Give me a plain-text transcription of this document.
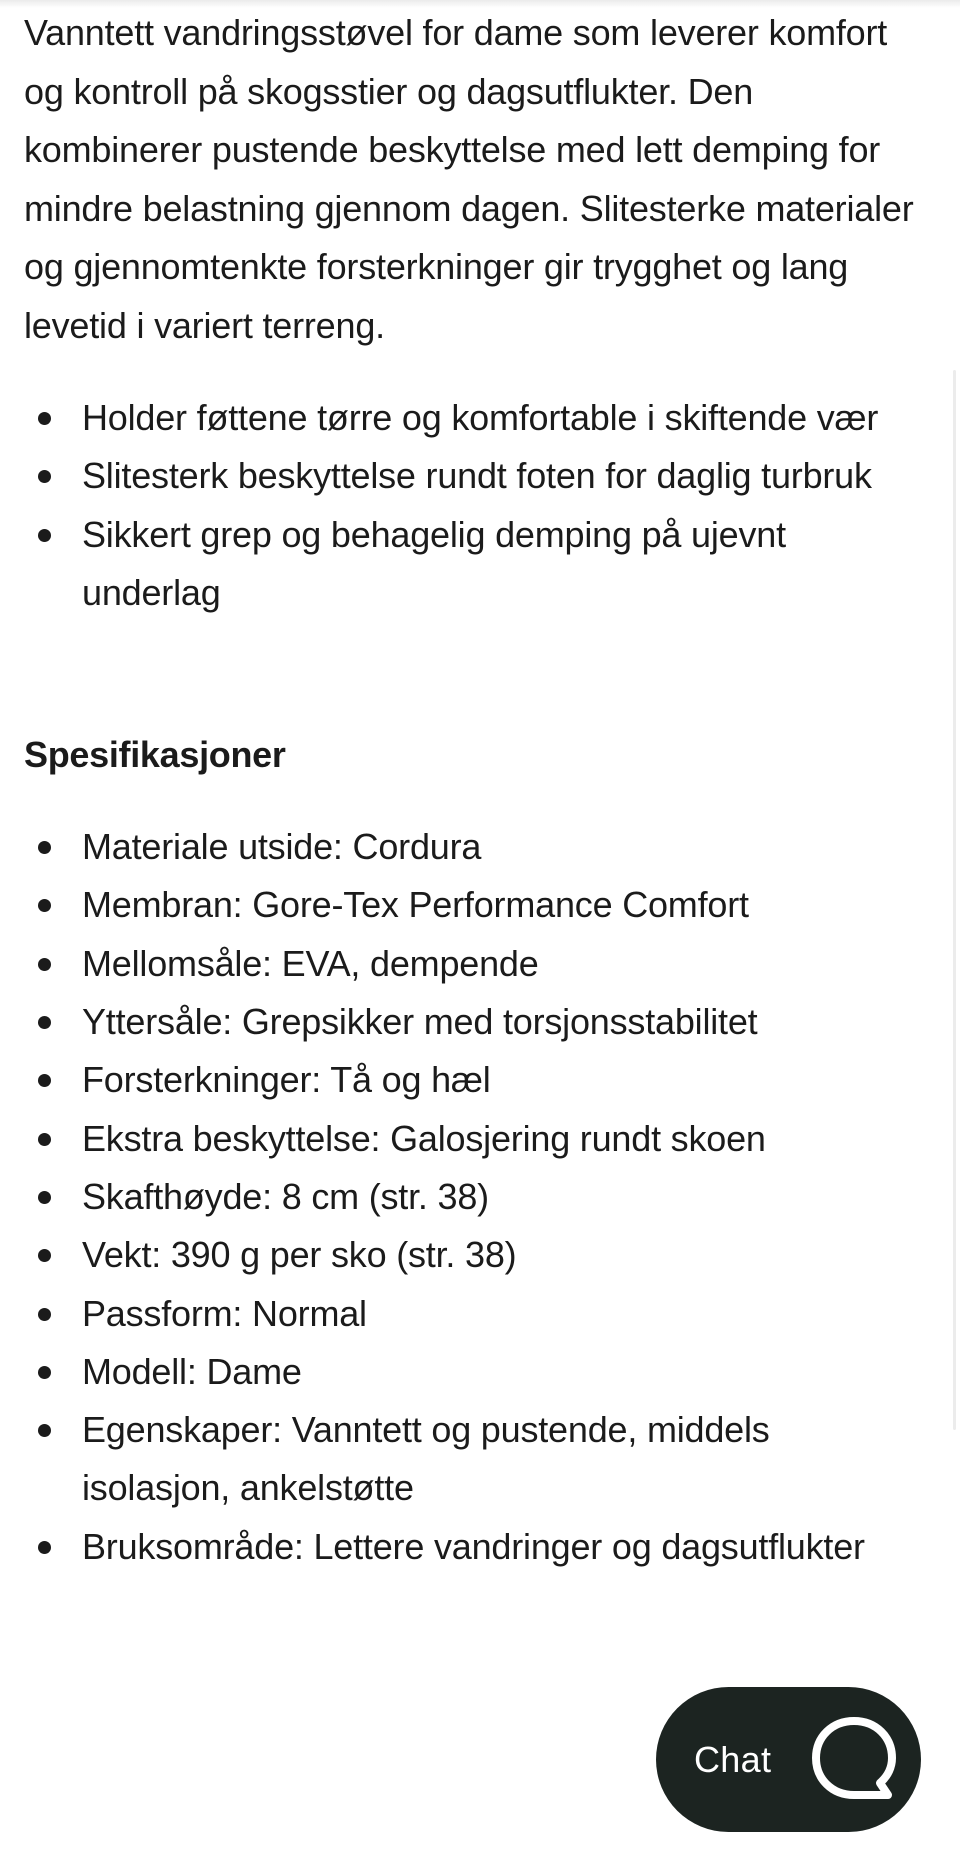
Vanntett vandringsstøvel for dame som leverer komfort og kontroll på skogsstier og dagsutflukter. Den kombinerer pustende beskyttelse med lett demping for mindre belastning gjennom dagen. Slitesterke materialer og gjennomtenkte forsterkninger gir trygghet og lang levetid i variert terreng.

Holder føttene tørre og komfortable i skiftende vær
Slitesterk beskyttelse rundt foten for daglig turbruk
Sikkert grep og behagelig demping på ujevnt underlag
Spesifikasjoner
Materiale utside: Cordura
Membran: Gore-Tex Performance Comfort
Mellomsåle: EVA, dempende
Yttersåle: Grepsikker med torsjonsstabilitet
Forsterkninger: Tå og hæl
Ekstra beskyttelse: Galosjering rundt skoen
Skafthøyde: 8 cm (str. 38)
Vekt: 390 g per sko (str. 38)
Passform: Normal
Modell: Dame
Egenskaper: Vanntett og pustende, middels isolasjon, ankelstøtte
Bruksområde: Lettere vandringer og dagsutflukter
Chat
